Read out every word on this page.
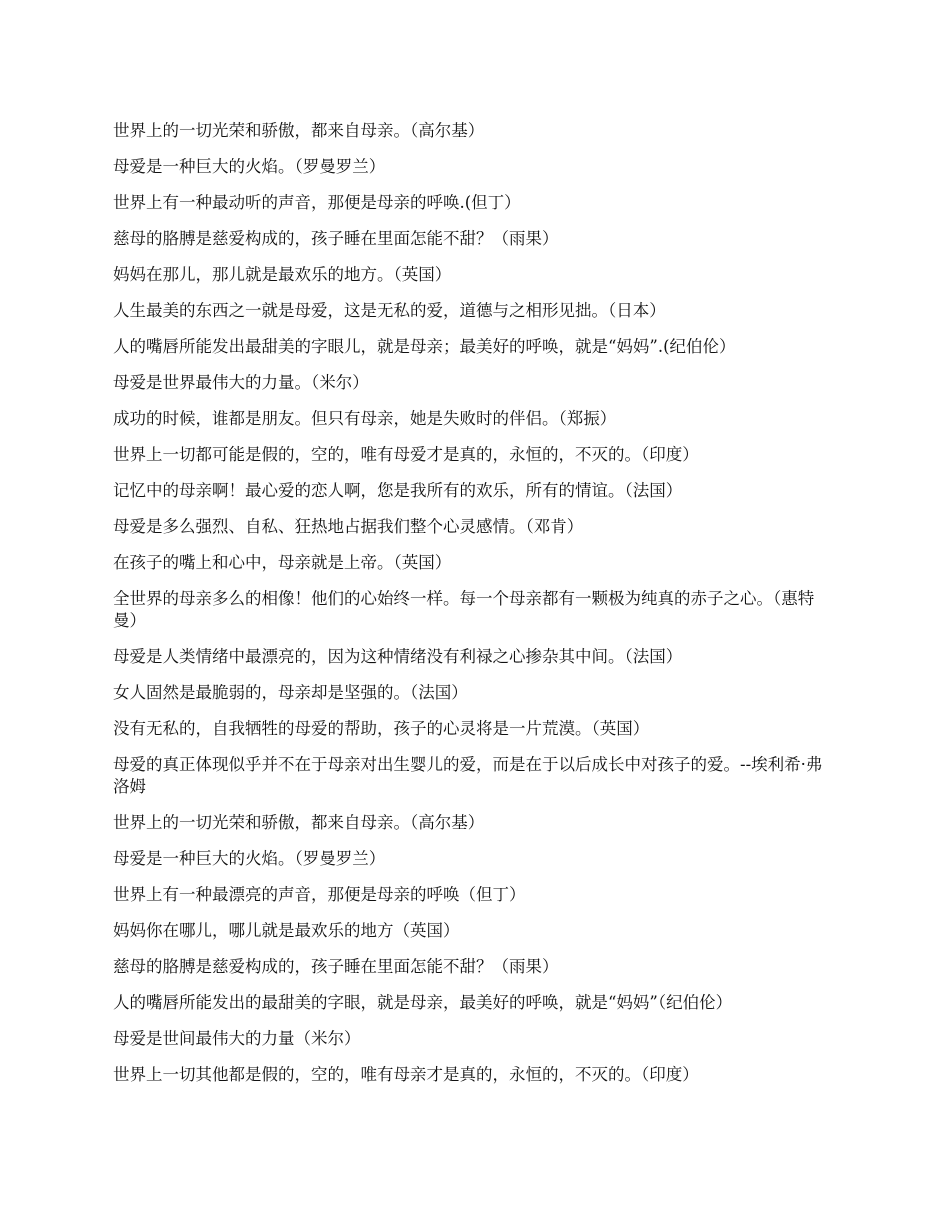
世界上的一切光荣和骄傲，都来自母亲。（高尔基）

母爱是一种巨大的火焰。（罗曼罗兰）

世界上有一种最动听的声音，那便是母亲的呼唤.(但丁）

慈母的胳膊是慈爱构成的，孩子睡在里面怎能不甜？（雨果）

妈妈在那儿，那儿就是最欢乐的地方。（英国）

人生最美的东西之一就是母爱，这是无私的爱，道德与之相形见拙。（日本）

人的嘴唇所能发出最甜美的字眼儿，就是母亲；最美好的呼唤，就是“妈妈”.(纪伯伦）

母爱是世界最伟大的力量。（米尔）

成功的时候，谁都是朋友。但只有母亲，她是失败时的伴侣。（郑振）

世界上一切都可能是假的，空的，唯有母爱才是真的，永恒的，不灭的。（印度）

记忆中的母亲啊！最心爱的恋人啊，您是我所有的欢乐，所有的情谊。（法国）

母爱是多么强烈、自私、狂热地占据我们整个心灵感情。（邓肯）

在孩子的嘴上和心中，母亲就是上帝。（英国）

全世界的母亲多么的相像！他们的心始终一样。每一个母亲都有一颗极为纯真的赤子之心。（惠特曼）

母爱是人类情绪中最漂亮的，因为这种情绪没有利禄之心掺杂其中间。（法国）

女人固然是最脆弱的，母亲却是坚强的。（法国）

没有无私的，自我牺牲的母爱的帮助，孩子的心灵将是一片荒漠。（英国）

母爱的真正体现似乎并不在于母亲对出生婴儿的爱，而是在于以后成长中对孩子的爱。--埃利希·弗洛姆

世界上的一切光荣和骄傲，都来自母亲。（高尔基）

母爱是一种巨大的火焰。（罗曼罗兰）

世界上有一种最漂亮的声音，那便是母亲的呼唤（但丁）

妈妈你在哪儿，哪儿就是最欢乐的地方（英国）

慈母的胳膊是慈爱构成的，孩子睡在里面怎能不甜？（雨果）

人的嘴唇所能发出的最甜美的字眼，就是母亲，最美好的呼唤，就是“妈妈”（纪伯伦）

母爱是世间最伟大的力量（米尔）

世界上一切其他都是假的，空的，唯有母亲才是真的，永恒的，不灭的。（印度）
